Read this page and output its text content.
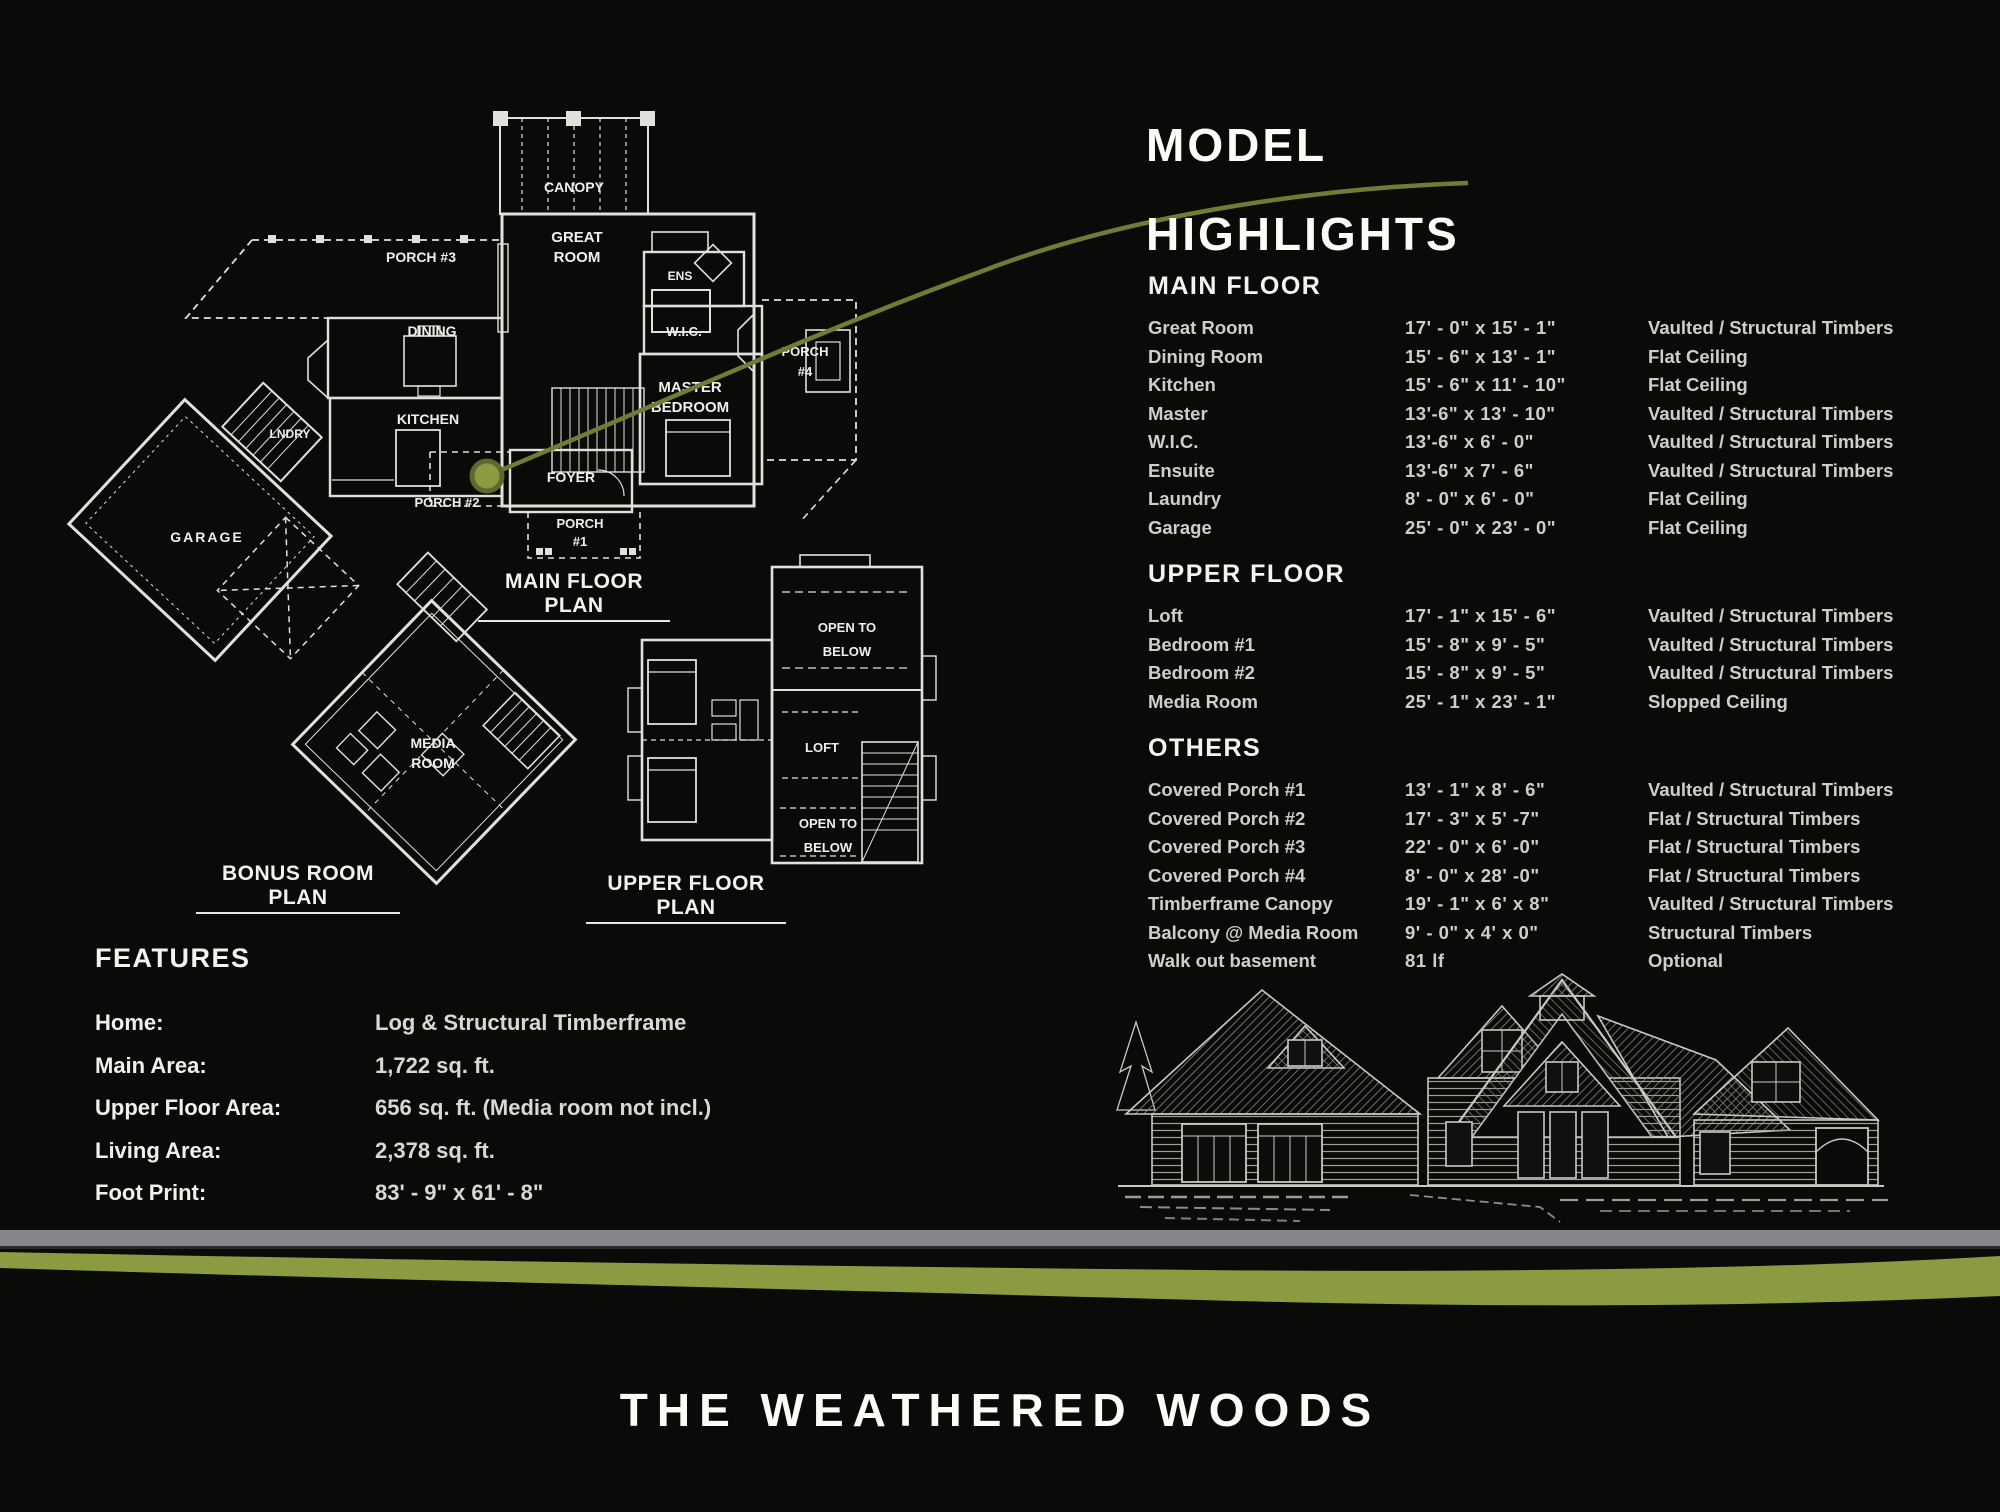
CANOPY
GREAT
ROOM
PORCH #3
DINING
KITCHEN
ENS
W.I.C.
MASTER
BEDROOM
PORCH
#4
FOYER
PORCH #2
PORCH
#1
GARAGE
LNDRY
MEDIA
ROOM
OPEN TO
BELOW
LOFT
OPEN TO
BELOW
MAIN FLOOR PLAN
BONUS ROOM PLAN
UPPER FLOOR PLAN
MODEL
HIGHLIGHTS
MAIN FLOOR
Great Room	17' - 0" x 15' - 1"	Vaulted / Structural Timbers
Dining Room	15' - 6" x 13' - 1"	Flat Ceiling
Kitchen	15' - 6" x 11' - 10"	Flat Ceiling
Master	13'-6" x 13' - 10"	Vaulted / Structural Timbers
W.I.C.	13'-6" x 6' - 0"	Vaulted / Structural Timbers
Ensuite	13'-6" x 7' - 6"	Vaulted / Structural Timbers
Laundry	8' - 0" x 6' - 0"	Flat Ceiling
Garage	25' - 0" x 23' - 0"	Flat Ceiling
UPPER FLOOR
Loft	17' - 1" x 15' - 6"	Vaulted / Structural Timbers
Bedroom #1	15' - 8" x 9' - 5"	Vaulted / Structural Timbers
Bedroom #2	15' - 8" x 9' - 5"	Vaulted / Structural Timbers
Media Room	25' - 1" x 23' - 1"	Slopped Ceiling
OTHERS
Covered Porch #1	13' - 1" x 8' - 6"	Vaulted / Structural Timbers
Covered Porch #2	17' - 3" x 5' -7"	Flat / Structural Timbers
Covered Porch #3	22' - 0" x 6' -0"	Flat / Structural Timbers
Covered Porch #4	8' - 0" x 28' -0"	Flat / Structural Timbers
Timberframe Canopy	19' - 1" x 6' x 8"	Vaulted / Structural Timbers
Balcony @ Media Room	9' - 0" x 4' x 0"	Structural Timbers
Walk out basement	81 lf	Optional
FEATURES
Home:	Log & Structural Timberframe
Main Area:	1,722 sq. ft.
Upper Floor Area:	656 sq. ft. (Media room not incl.)
Living Area:	2,378 sq. ft.
Foot Print:	83' - 9" x 61' - 8"
THE WEATHERED WOODS
